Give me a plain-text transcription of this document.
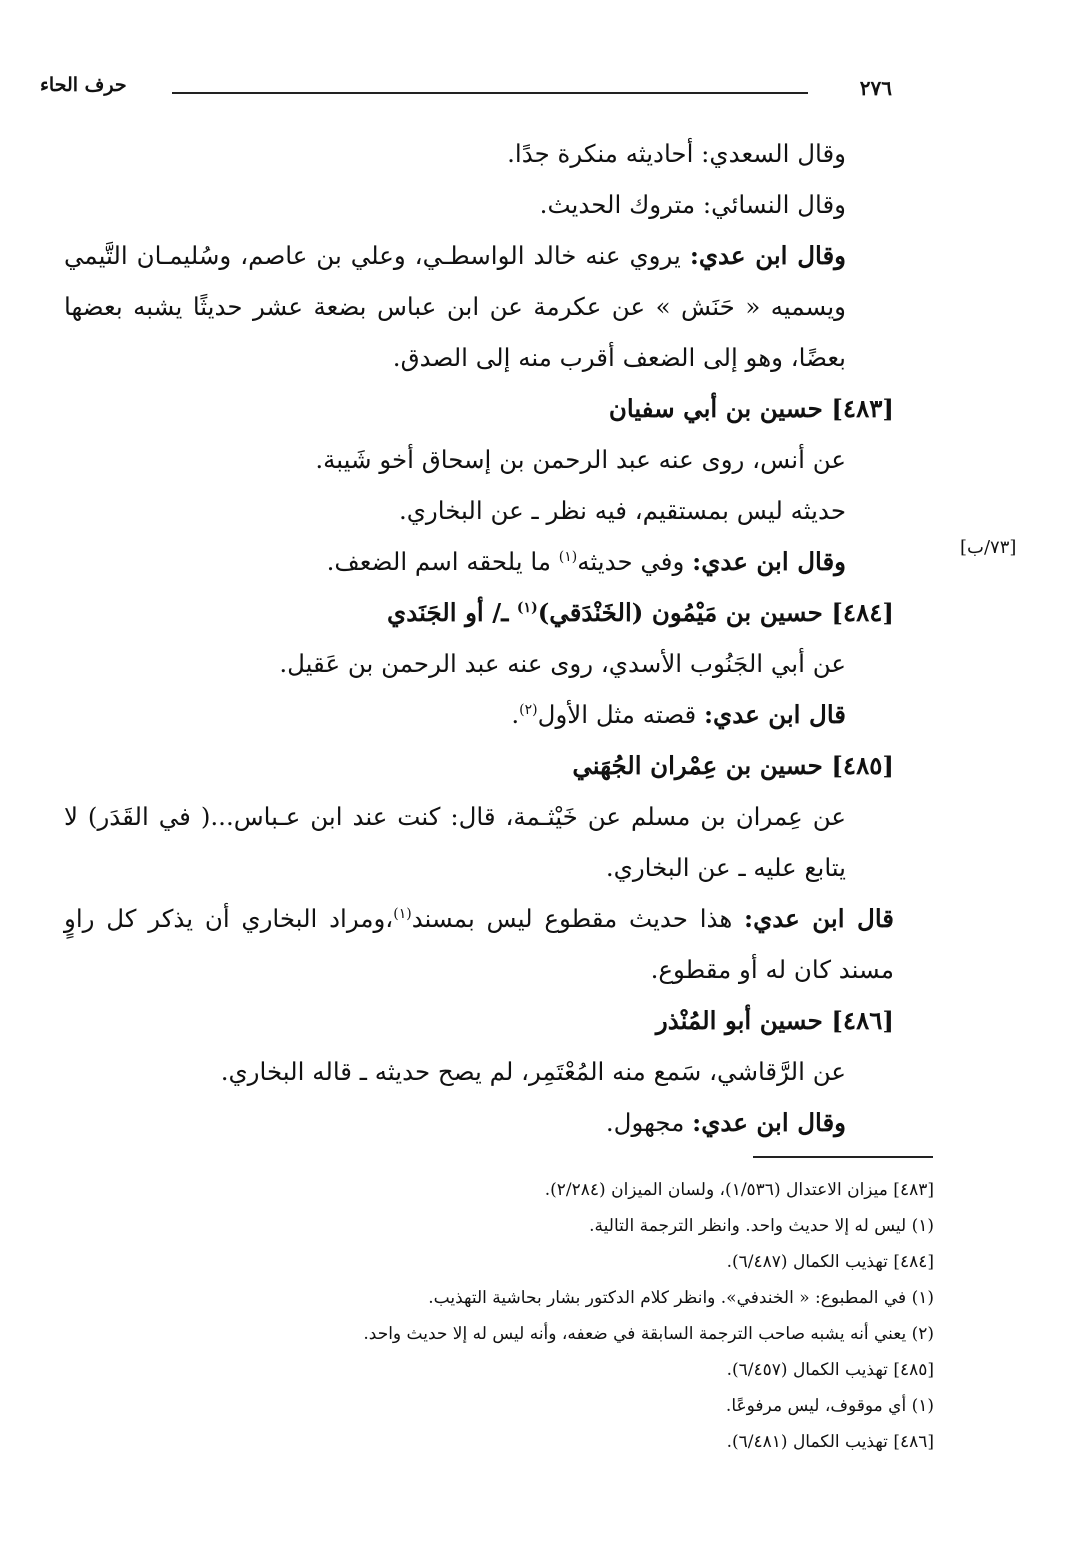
حرف الحاء	٢٧٦
[٧٣/ب]

وقال السعدي: أحاديثه منكرة جدًا.

وقال النسائي: متروك الحديث.

وقال ابن عدي: يروي عنه خالد الواسطـي، وعلي بن عاصم، وسُليمـان التَّيمي ويسميه « حَنَش » عن عكرمة عن ابن عباس بضعة عشر حديثًا يشبه بعضها بعضًا، وهو إلى الضعف أقرب منه إلى الصدق.

[٤٨٣] حسين بن أبي سفيان

عن أنس، روى عنه عبد الرحمن بن إسحاق أخو شَيبة.

حديثه ليس بمستقيم، فيه نظر ـ عن البخاري.

وقال ابن عدي: وفي حديثه$^{(١)}$ ما يلحقه اسم الضعف.

[٤٨٤] حسين بن مَيْمُون (الخَنْدَقي)$^{(١)}$ ـ/ أو الجَنَدي

عن أبي الجَنُوب الأسدي، روى عنه عبد الرحمن بن عَقيل.

قال ابن عدي: قصته مثل الأول$^{(٢)}$.

[٤٨٥] حسين بن عِمْران الجُهَني

عن عِمران بن مسلم عن خَيْثـمة، قال: كنت عند ابن عـباس...( في القَدَر) لا يتابع عليه ـ عن البخاري.

قال ابن عدي: هذا حديث مقطوع ليس بمسند$^{(١)}$،ومراد البخاري أن يذكر كل راوٍ مسند كان له أو مقطوع.

[٤٨٦] حسين أبو المُنْذر

عن الرَّقاشي، سَمع منه المُعْتَمِر، لم يصح حديثه ـ قاله البخاري.

وقال ابن عدي: مجهول.

[٤٨٣] ميزان الاعتدال (١/٥٣٦)، ولسان الميزان (٢/٢٨٤).

(١) ليس له إلا حديث واحد. وانظر الترجمة التالية.

[٤٨٤] تهذيب الكمال (٦/٤٨٧).

(١) في المطبوع: « الخندفي». وانظر كلام الدكتور بشار بحاشية التهذيب.

(٢) يعني أنه يشبه صاحب الترجمة السابقة في ضعفه، وأنه ليس له إلا حديث واحد.

[٤٨٥] تهذيب الكمال (٦/٤٥٧).

(١) أي موقوف، ليس مرفوعًا.

[٤٨٦] تهذيب الكمال (٦/٤٨١).
